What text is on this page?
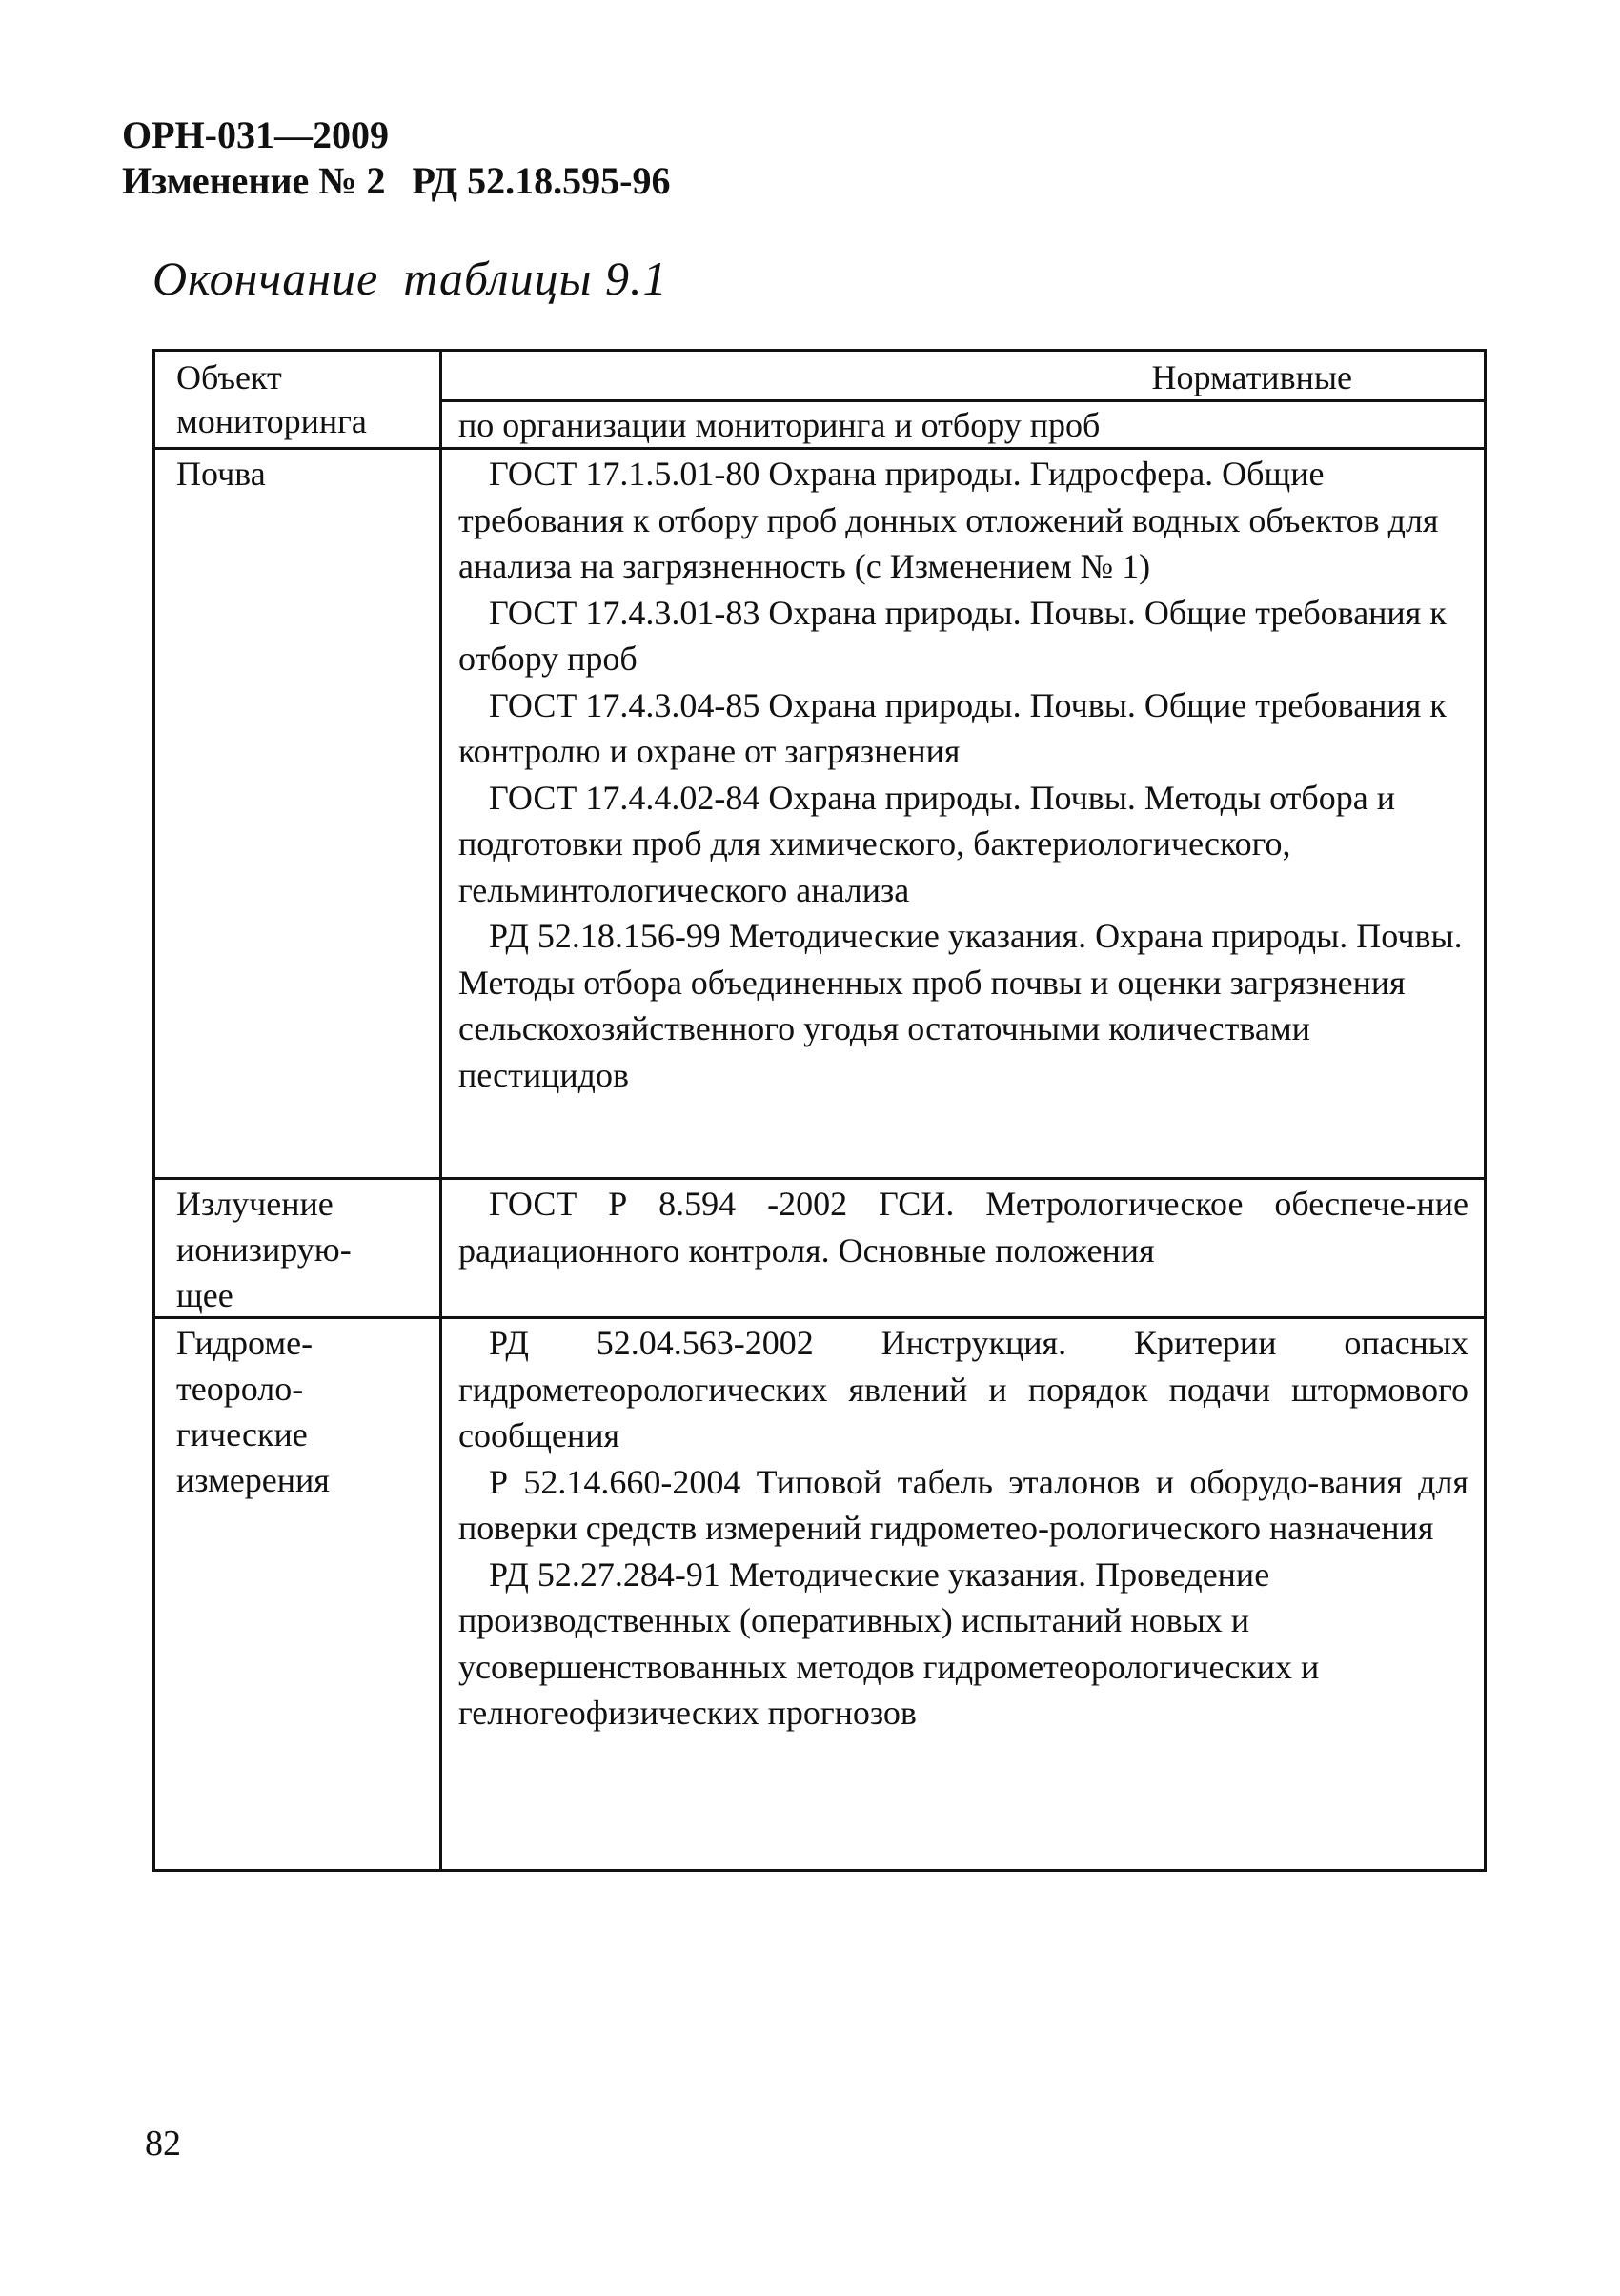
ОРН-031—2009
Изменение № 2 РД 52.18.595-96
Окончание таблицы 9.1
Объект
мониторинга
Нормативные
по организации мониторинга и отбору проб
Почва	ГОСТ 17.1.5.01-80 Охрана природы. Гидросфера. Общие требования к отбору проб донных отложений водных объектов для анализа на загрязненность (с Изменением № 1)
ГОСТ 17.4.3.01-83 Охрана природы. Почвы. Общие требования к отбору проб
ГОСТ 17.4.3.04-85 Охрана природы. Почвы. Общие требования к контролю и охране от загрязнения
ГОСТ 17.4.4.02-84 Охрана природы. Почвы. Методы отбора и подготовки проб для химического, бактериологического, гельминтологического анализа
РД 52.18.156-99 Методические указания. Охрана природы. Почвы. Методы отбора объединенных проб почвы и оценки загрязнения сельскохозяйственного угодья остаточными количествами пестицидов
Излучение ионизирую-щее
ГОСТ Р 8.594 -2002 ГСИ. Метрологическое обеспече-ние радиационного контроля. Основные положения
Гидроме-теороло-гические измерения
РД 52.04.563-2002 Инструкция. Критерии опасных гидрометеорологических явлений и порядок подачи штормового сообщения
Р 52.14.660-2004 Типовой табель эталонов и оборудо-вания для поверки средств измерений гидрометео-рологического назначения
РД 52.27.284-91 Методические указания. Проведение производственных (оперативных) испытаний новых и усовершенствованных методов гидрометеорологических и гелногеофизических прогнозов
82
